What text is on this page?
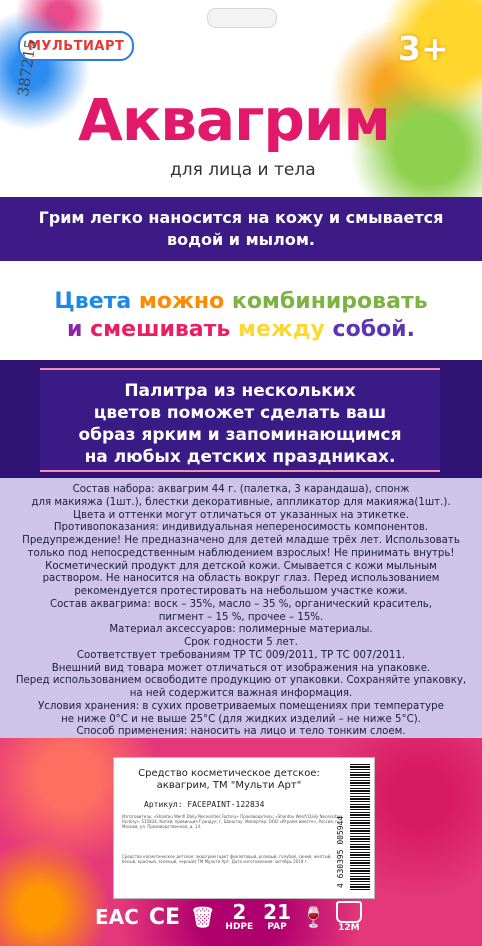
МУЛЬТИАРТ	3+
387215
Аквагрим
для лица и тела

Грим легко наносится на кожу и смывается
водой и мылом.

Цвета можно комбинировать
и смешивать между собой.

Палитра из нескольких
цветов поможет сделать ваш
образ ярким и запоминающимся
на любых детских праздниках.

Состав набора: аквагрим 44 г. (палетка, 3 карандаша), спонж
для макияжа (1шт.), блестки декоративные, аппликатор для макияжа(1шт.).
Цвета и оттенки могут отличаться от указанных на этикетке.
Противопоказания: индивидуальная непереносимость компонентов.
Предупреждение! Не предназначено для детей младше трёх лет. Использовать
только под непосредственным наблюдением взрослых! Не принимать внутрь!
Косметический продукт для детской кожи. Смывается с кожи мыльным
раствором. Не наносится на область вокруг глаз. Перед использованием
рекомендуется протестировать на небольшом участке кожи.
Состав аквагрима: воск – 35%, масло – 35 %, органический краситель,
пигмент – 15 %, прочее – 15%.
Материал аксессуаров: полимерные материалы.
Срок годности 5 лет.
Соответствует требованиям ТР ТС 009/2011, ТР ТС 007/2011.
Внешний вид товара может отличаться от изображения на упаковке.
Перед использованием освободите продукцию от упаковки. Сохраняйте упаковку,
на ней содержится важная информация.
Условия хранения: в сухих проветриваемых помещениях при температуре
не ниже 0°С и не выше 25°С (для жидких изделий – не ниже 5°С).
Способ применения: наносить на лицо и тело тонким слоем.
Средство косметическое детское:
аквагрим, ТМ "Мульти Арт"
Артикул: FACEPAINT-122834
Изготовитель: «Shantou Wenfi Daily Necessities Factory» Производитель: «Shantou Wenfi Daily Necessities Factory». 515834, Китай, провинция Гуандун, г. Шаньтоу. Импортер: ООО «Играем вместе», Россия, г. Москва, ул. Производственная, д. 14.
Средство косметическое детское: аквагрим (цвет фиолетовый, розовый, голубой, синий, желтый, белый, красный, зеленый, черный) ТМ Мульти Арт. Дата изготовления: октябрь 2019 г.	4 630395 005944
EAC CE 🗑 2
HDPE
21
PAP 🍷 12M
